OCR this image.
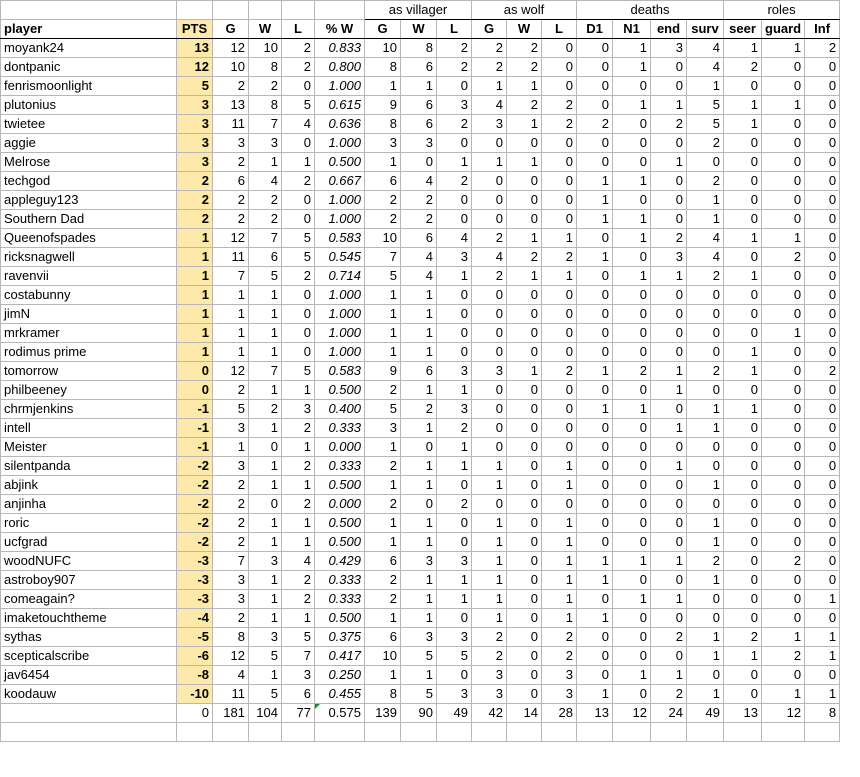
						as villager			as wolf			deaths				roles		
player	PTS	G	W	L	% W	G	W	L	G	W	L	D1	N1	end	surv	seer	guard	Inf
moyank24	13	12	10	2	0.833	10	8	2	2	2	0	0	1	3	4	1	1	2
dontpanic	12	10	8	2	0.800	8	6	2	2	2	0	0	1	0	4	2	0	0
fenrismoonlight	5	2	2	0	1.000	1	1	0	1	1	0	0	0	0	1	0	0	0
plutonius	3	13	8	5	0.615	9	6	3	4	2	2	0	1	1	5	1	1	0
twietee	3	11	7	4	0.636	8	6	2	3	1	2	2	0	2	5	1	0	0
aggie	3	3	3	0	1.000	3	3	0	0	0	0	0	0	0	2	0	0	0
Melrose	3	2	1	1	0.500	1	0	1	1	1	0	0	0	1	0	0	0	0
techgod	2	6	4	2	0.667	6	4	2	0	0	0	1	1	0	2	0	0	0
appleguy123	2	2	2	0	1.000	2	2	0	0	0	0	1	0	0	1	0	0	0
Southern Dad	2	2	2	0	1.000	2	2	0	0	0	0	1	1	0	1	0	0	0
Queenofspades	1	12	7	5	0.583	10	6	4	2	1	1	0	1	2	4	1	1	0
ricksnagwell	1	11	6	5	0.545	7	4	3	4	2	2	1	0	3	4	0	2	0
ravenvii	1	7	5	2	0.714	5	4	1	2	1	1	0	1	1	2	1	0	0
costabunny	1	1	1	0	1.000	1	1	0	0	0	0	0	0	0	0	0	0	0
jimN	1	1	1	0	1.000	1	1	0	0	0	0	0	0	0	0	0	0	0
mrkramer	1	1	1	0	1.000	1	1	0	0	0	0	0	0	0	0	0	1	0
rodimus prime	1	1	1	0	1.000	1	1	0	0	0	0	0	0	0	0	1	0	0
tomorrow	0	12	7	5	0.583	9	6	3	3	1	2	1	2	1	2	1	0	2
philbeeney	0	2	1	1	0.500	2	1	1	0	0	0	0	0	1	0	0	0	0
chrmjenkins	-1	5	2	3	0.400	5	2	3	0	0	0	1	1	0	1	1	0	0
intell	-1	3	1	2	0.333	3	1	2	0	0	0	0	0	1	1	0	0	0
Meister	-1	1	0	1	0.000	1	0	1	0	0	0	0	0	0	0	0	0	0
silentpanda	-2	3	1	2	0.333	2	1	1	1	0	1	0	0	1	0	0	0	0
abjink	-2	2	1	1	0.500	1	1	0	1	0	1	0	0	0	1	0	0	0
anjinha	-2	2	0	2	0.000	2	0	2	0	0	0	0	0	0	0	0	0	0
roric	-2	2	1	1	0.500	1	1	0	1	0	1	0	0	0	1	0	0	0
ucfgrad	-2	2	1	1	0.500	1	1	0	1	0	1	0	0	0	1	0	0	0
woodNUFC	-3	7	3	4	0.429	6	3	3	1	0	1	1	1	1	2	0	2	0
astroboy907	-3	3	1	2	0.333	2	1	1	1	0	1	1	0	0	1	0	0	0
comeagain?	-3	3	1	2	0.333	2	1	1	1	0	1	0	1	1	0	0	0	1
imaketouchtheme	-4	2	1	1	0.500	1	1	0	1	0	1	1	0	0	0	0	0	0
sythas	-5	8	3	5	0.375	6	3	3	2	0	2	0	0	2	1	2	1	1
scepticalscribe	-6	12	5	7	0.417	10	5	5	2	0	2	0	0	0	1	1	2	1
jav6454	-8	4	1	3	0.250	1	1	0	3	0	3	0	1	1	0	0	0	0
koodauw	-10	11	5	6	0.455	8	5	3	3	0	3	1	0	2	1	0	1	1
	0	181	104	77	0.575	139	90	49	42	14	28	13	12	24	49	13	12	8
